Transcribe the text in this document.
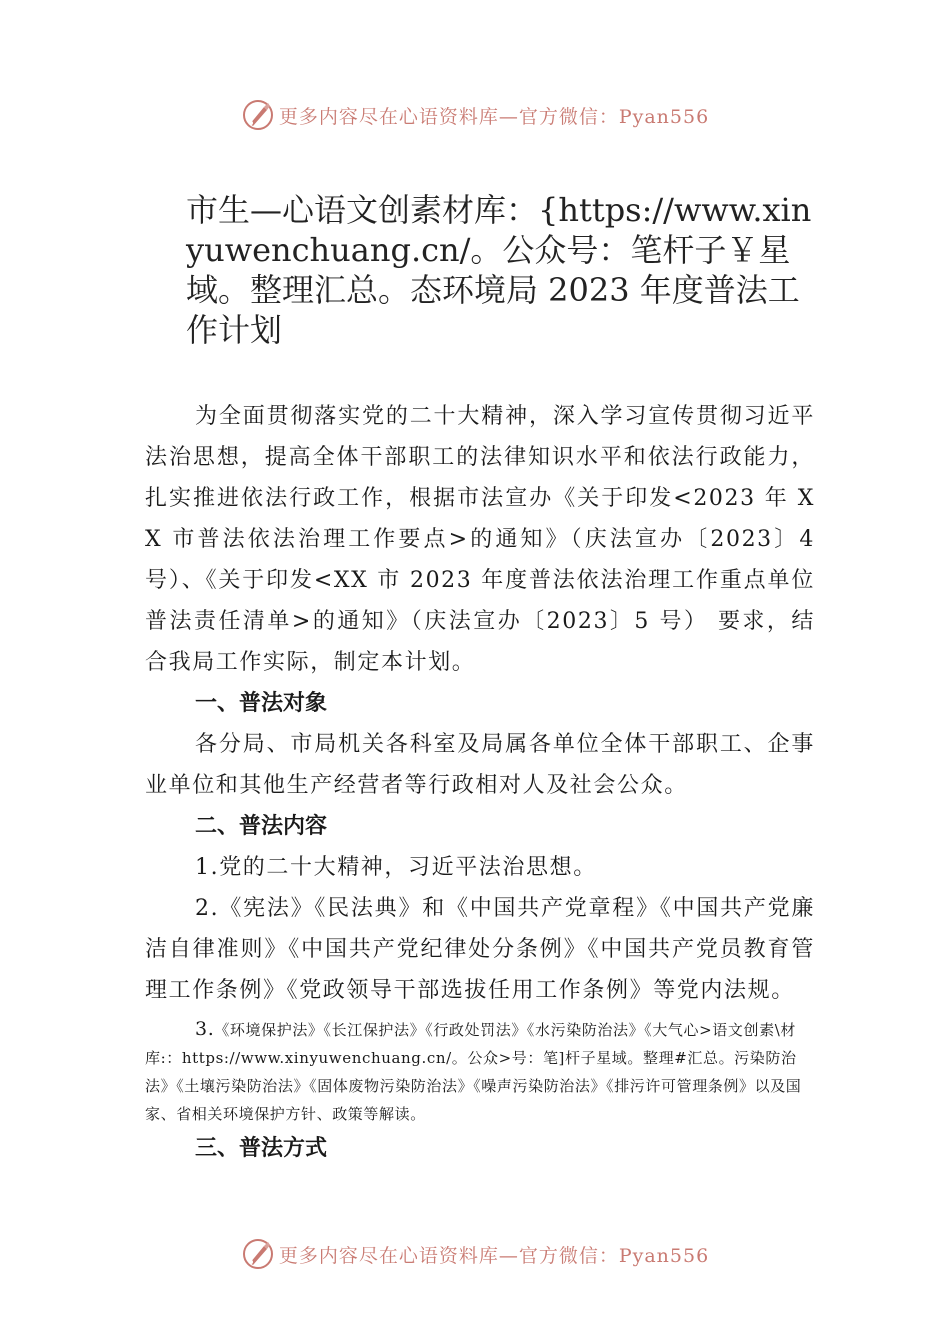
更多内容尽在心语资料库—官方微信：Pyan556
市生—心语文创素材库：{https://www.xinyuwenchuang.cn/。公众号：笔杆子￥星域。整理汇总。态环境局 2023 年度普法工作计划

为全面贯彻落实党的二十大精神，深入学习宣传贯彻习近平法治思想，提高全体干部职工的法律知识水平和依法行政能力，扎实推进依法行政工作，根据市法宣办《关于印发<2023 年 XX 市普法依法治理工作要点>的通知》（庆法宣办〔2023〕4 号）、《关于印发<XX 市 2023 年度普法依法治理工作重点单位普法责任清单>的通知》（庆法宣办〔2023〕5 号） 要求，结合我局工作实际，制定本计划。

一、普法对象

各分局、市局机关各科室及局属各单位全体干部职工、企事业单位和其他生产经营者等行政相对人及社会公众。

二、普法内容

1.党的二十大精神，习近平法治思想。

2.《宪法》《民法典》和《中国共产党章程》《中国共产党廉洁自律准则》《中国共产党纪律处分条例》《中国共产党员教育管理工作条例》《党政领导干部选拔任用工作条例》等党内法规。

3.《环境保护法》《长江保护法》《行政处罚法》《水污染防治法》《大气心>语文创素\材库:：https://www.xinyuwenchuang.cn/。公众>号：笔]杆子星域。整理#汇总。污染防治法》《土壤污染防治法》《固体废物污染防治法》《噪声污染防治法》《排污许可管理条例》以及国家、省相关环境保护方针、政策等解读。

三、普法方式

更多内容尽在心语资料库—官方微信：Pyan556
